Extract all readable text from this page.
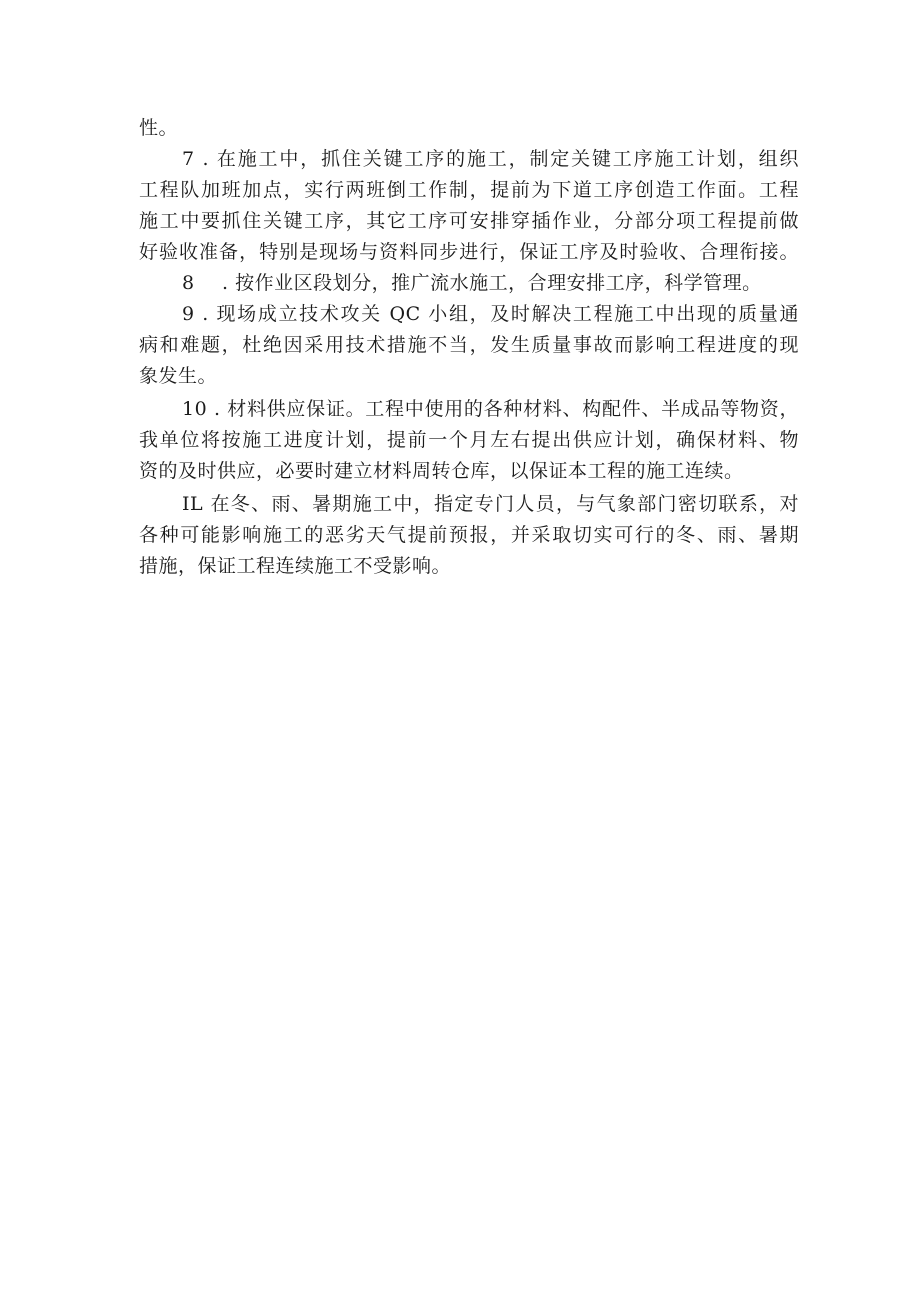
性。
7 . 在施工中，抓住关键工序的施工，制定关键工序施工计划，组织
工程队加班加点，实行两班倒工作制，提前为下道工序创造工作面。工程
施工中要抓住关键工序，其它工序可安排穿插作业，分部分项工程提前做
好验收准备，特别是现场与资料同步进行，保证工序及时验收、合理衔接。
8 . 按作业区段划分，推广流水施工，合理安排工序，科学管理。
9 . 现场成立技术攻关 QC 小组，及时解决工程施工中出现的质量通
病和难题，杜绝因采用技术措施不当，发生质量事故而影响工程进度的现
象发生。
10 . 材料供应保证。工程中使用的各种材料、构配件、半成品等物资，
我单位将按施工进度计划，提前一个月左右提出供应计划，确保材料、物
资的及时供应，必要时建立材料周转仓库，以保证本工程的施工连续。
IL 在冬、雨、暑期施工中，指定专门人员，与气象部门密切联系，对
各种可能影响施工的恶劣天气提前预报，并采取切实可行的冬、雨、暑期
措施，保证工程连续施工不受影响。
